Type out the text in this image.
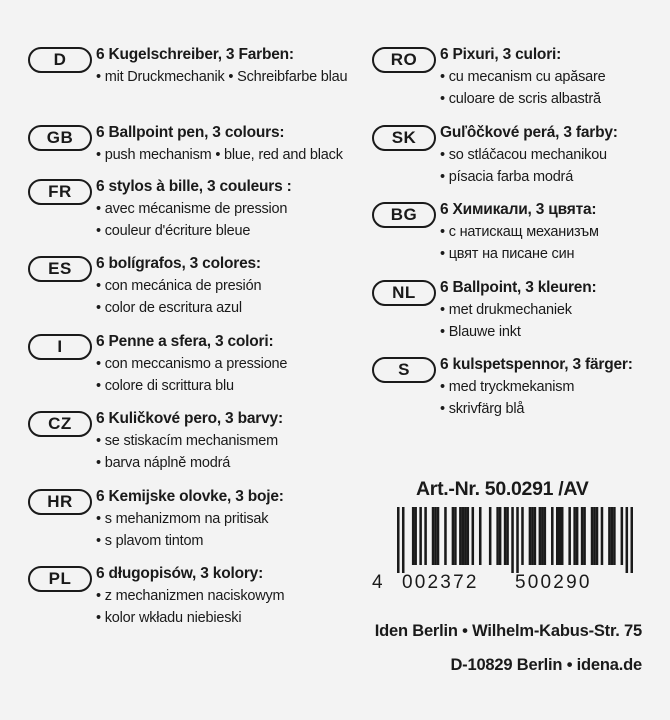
D	6 Kugelschreiber, 3 Farben:
• mit Druckmechanik • Schreibfarbe blau
GB	6 Ballpoint pen, 3 colours:
• push mechanism • blue, red and black
FR	6 stylos à bille, 3 couleurs :
• avec mécanisme de pression
• couleur d'écriture bleue
ES	6 bolígrafos, 3 colores:
• con mecánica de presión
• color de escritura azul
I	6 Penne a sfera, 3 colori:
• con meccanismo a pressione
• colore di scrittura blu
CZ	6 Kuličkové pero, 3 barvy:
• se stiskacím mechanismem
• barva náplně modrá
HR	6 Kemijske olovke, 3 boje:
• s mehanizmom na pritisak
• s plavom tintom
PL	6 długopisów, 3 kolory:
• z mechanizmen naciskowym
• kolor wkładu niebieski
RO	6 Pixuri, 3 culori:
• cu mecanism cu apăsare
• culoare de scris albastră
SK	Guľôčkové perá, 3 farby:
• so stláčacou mechanikou
• písacia farba modrá
BG	6 Химикали, 3 цвята:
• с натискащ механизъм
• цвят на писане син
NL	6 Ballpoint, 3 kleuren:
• met drukmechaniek
• Blauwe inkt
S	6 kulspetspennor, 3 färger:
• med tryckmekanism
• skrivfärg blå
Art.-Nr. 50.0291 /AV
4 002372 500290
Iden Berlin • Wilhelm-Kabus-Str. 75
D-10829 Berlin • idena.de
